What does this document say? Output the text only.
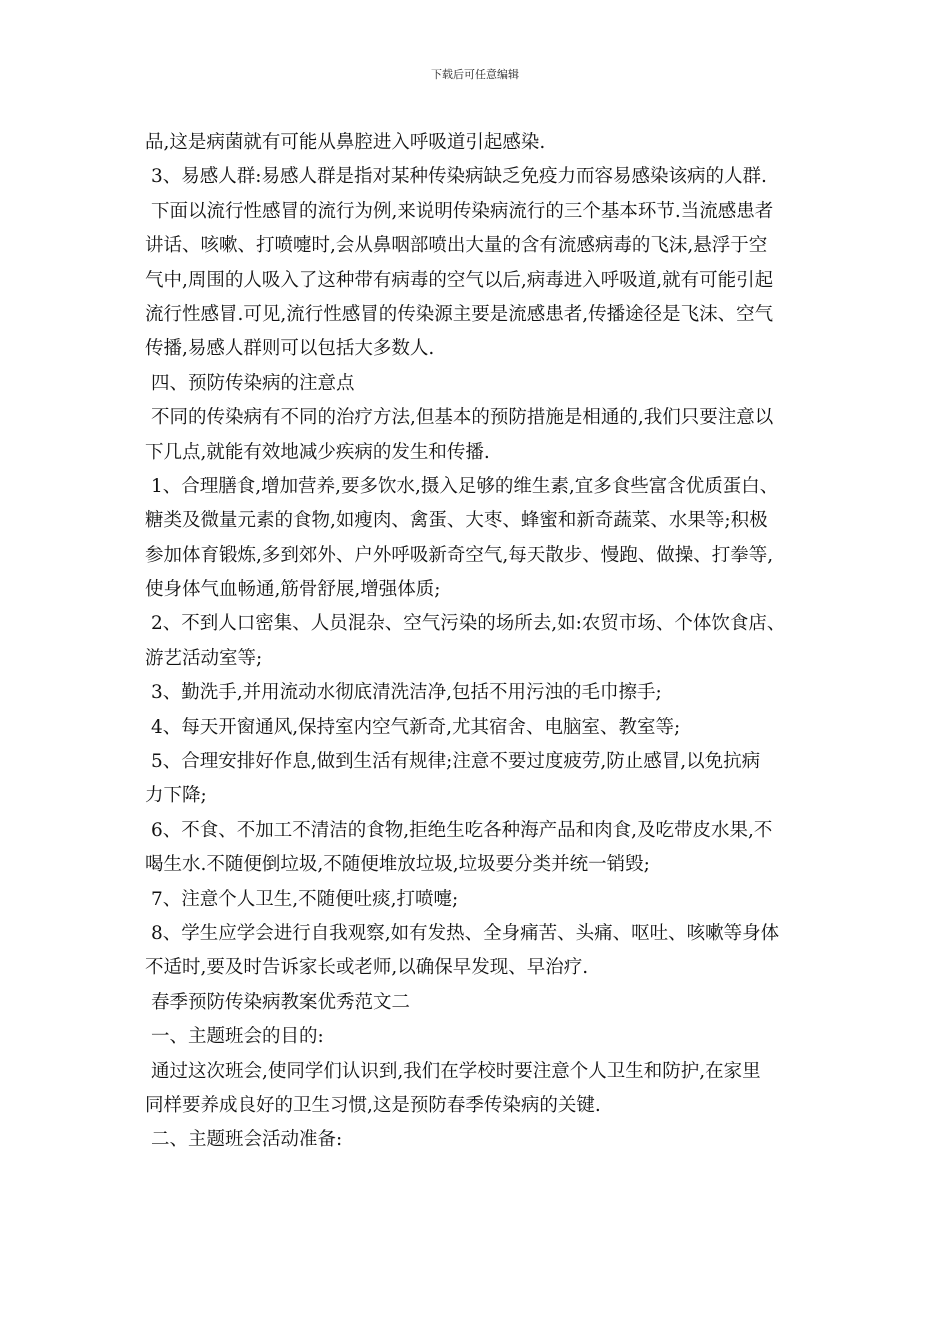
下载后可任意编辑
品,这是病菌就有可能从鼻腔进入呼吸道引起感染.
3、易感人群:易感人群是指对某种传染病缺乏免疫力而容易感染该病的人群.
下面以流行性感冒的流行为例,来说明传染病流行的三个基本环节.当流感患者
讲话、咳嗽、打喷嚏时,会从鼻咽部喷出大量的含有流感病毒的飞沫,悬浮于空
气中,周围的人吸入了这种带有病毒的空气以后,病毒进入呼吸道,就有可能引起
流行性感冒.可见,流行性感冒的传染源主要是流感患者,传播途径是飞沫、空气
传播,易感人群则可以包括大多数人.
四、预防传染病的注意点
不同的传染病有不同的治疗方法,但基本的预防措施是相通的,我们只要注意以
下几点,就能有效地减少疾病的发生和传播.
1、合理膳食,增加营养,要多饮水,摄入足够的维生素,宜多食些富含优质蛋白、
糖类及微量元素的食物,如瘦肉、禽蛋、大枣、蜂蜜和新奇蔬菜、水果等;积极
参加体育锻炼,多到郊外、户外呼吸新奇空气,每天散步、慢跑、做操、打拳等,
使身体气血畅通,筋骨舒展,增强体质;
2、不到人口密集、人员混杂、空气污染的场所去,如:农贸市场、个体饮食店、
游艺活动室等;
3、勤洗手,并用流动水彻底清洗洁净,包括不用污浊的毛巾擦手;
4、每天开窗通风,保持室内空气新奇,尤其宿舍、电脑室、教室等;
5、合理安排好作息,做到生活有规律;注意不要过度疲劳,防止感冒,以免抗病
力下降;
6、不食、不加工不清洁的食物,拒绝生吃各种海产品和肉食,及吃带皮水果,不
喝生水.不随便倒垃圾,不随便堆放垃圾,垃圾要分类并统一销毁;
7、注意个人卫生,不随便吐痰,打喷嚏;
8、学生应学会进行自我观察,如有发热、全身痛苦、头痛、呕吐、咳嗽等身体
不适时,要及时告诉家长或老师,以确保早发现、早治疗.
春季预防传染病教案优秀范文二
一、主题班会的目的:
通过这次班会,使同学们认识到,我们在学校时要注意个人卫生和防护,在家里
同样要养成良好的卫生习惯,这是预防春季传染病的关键.
二、主题班会活动准备:
